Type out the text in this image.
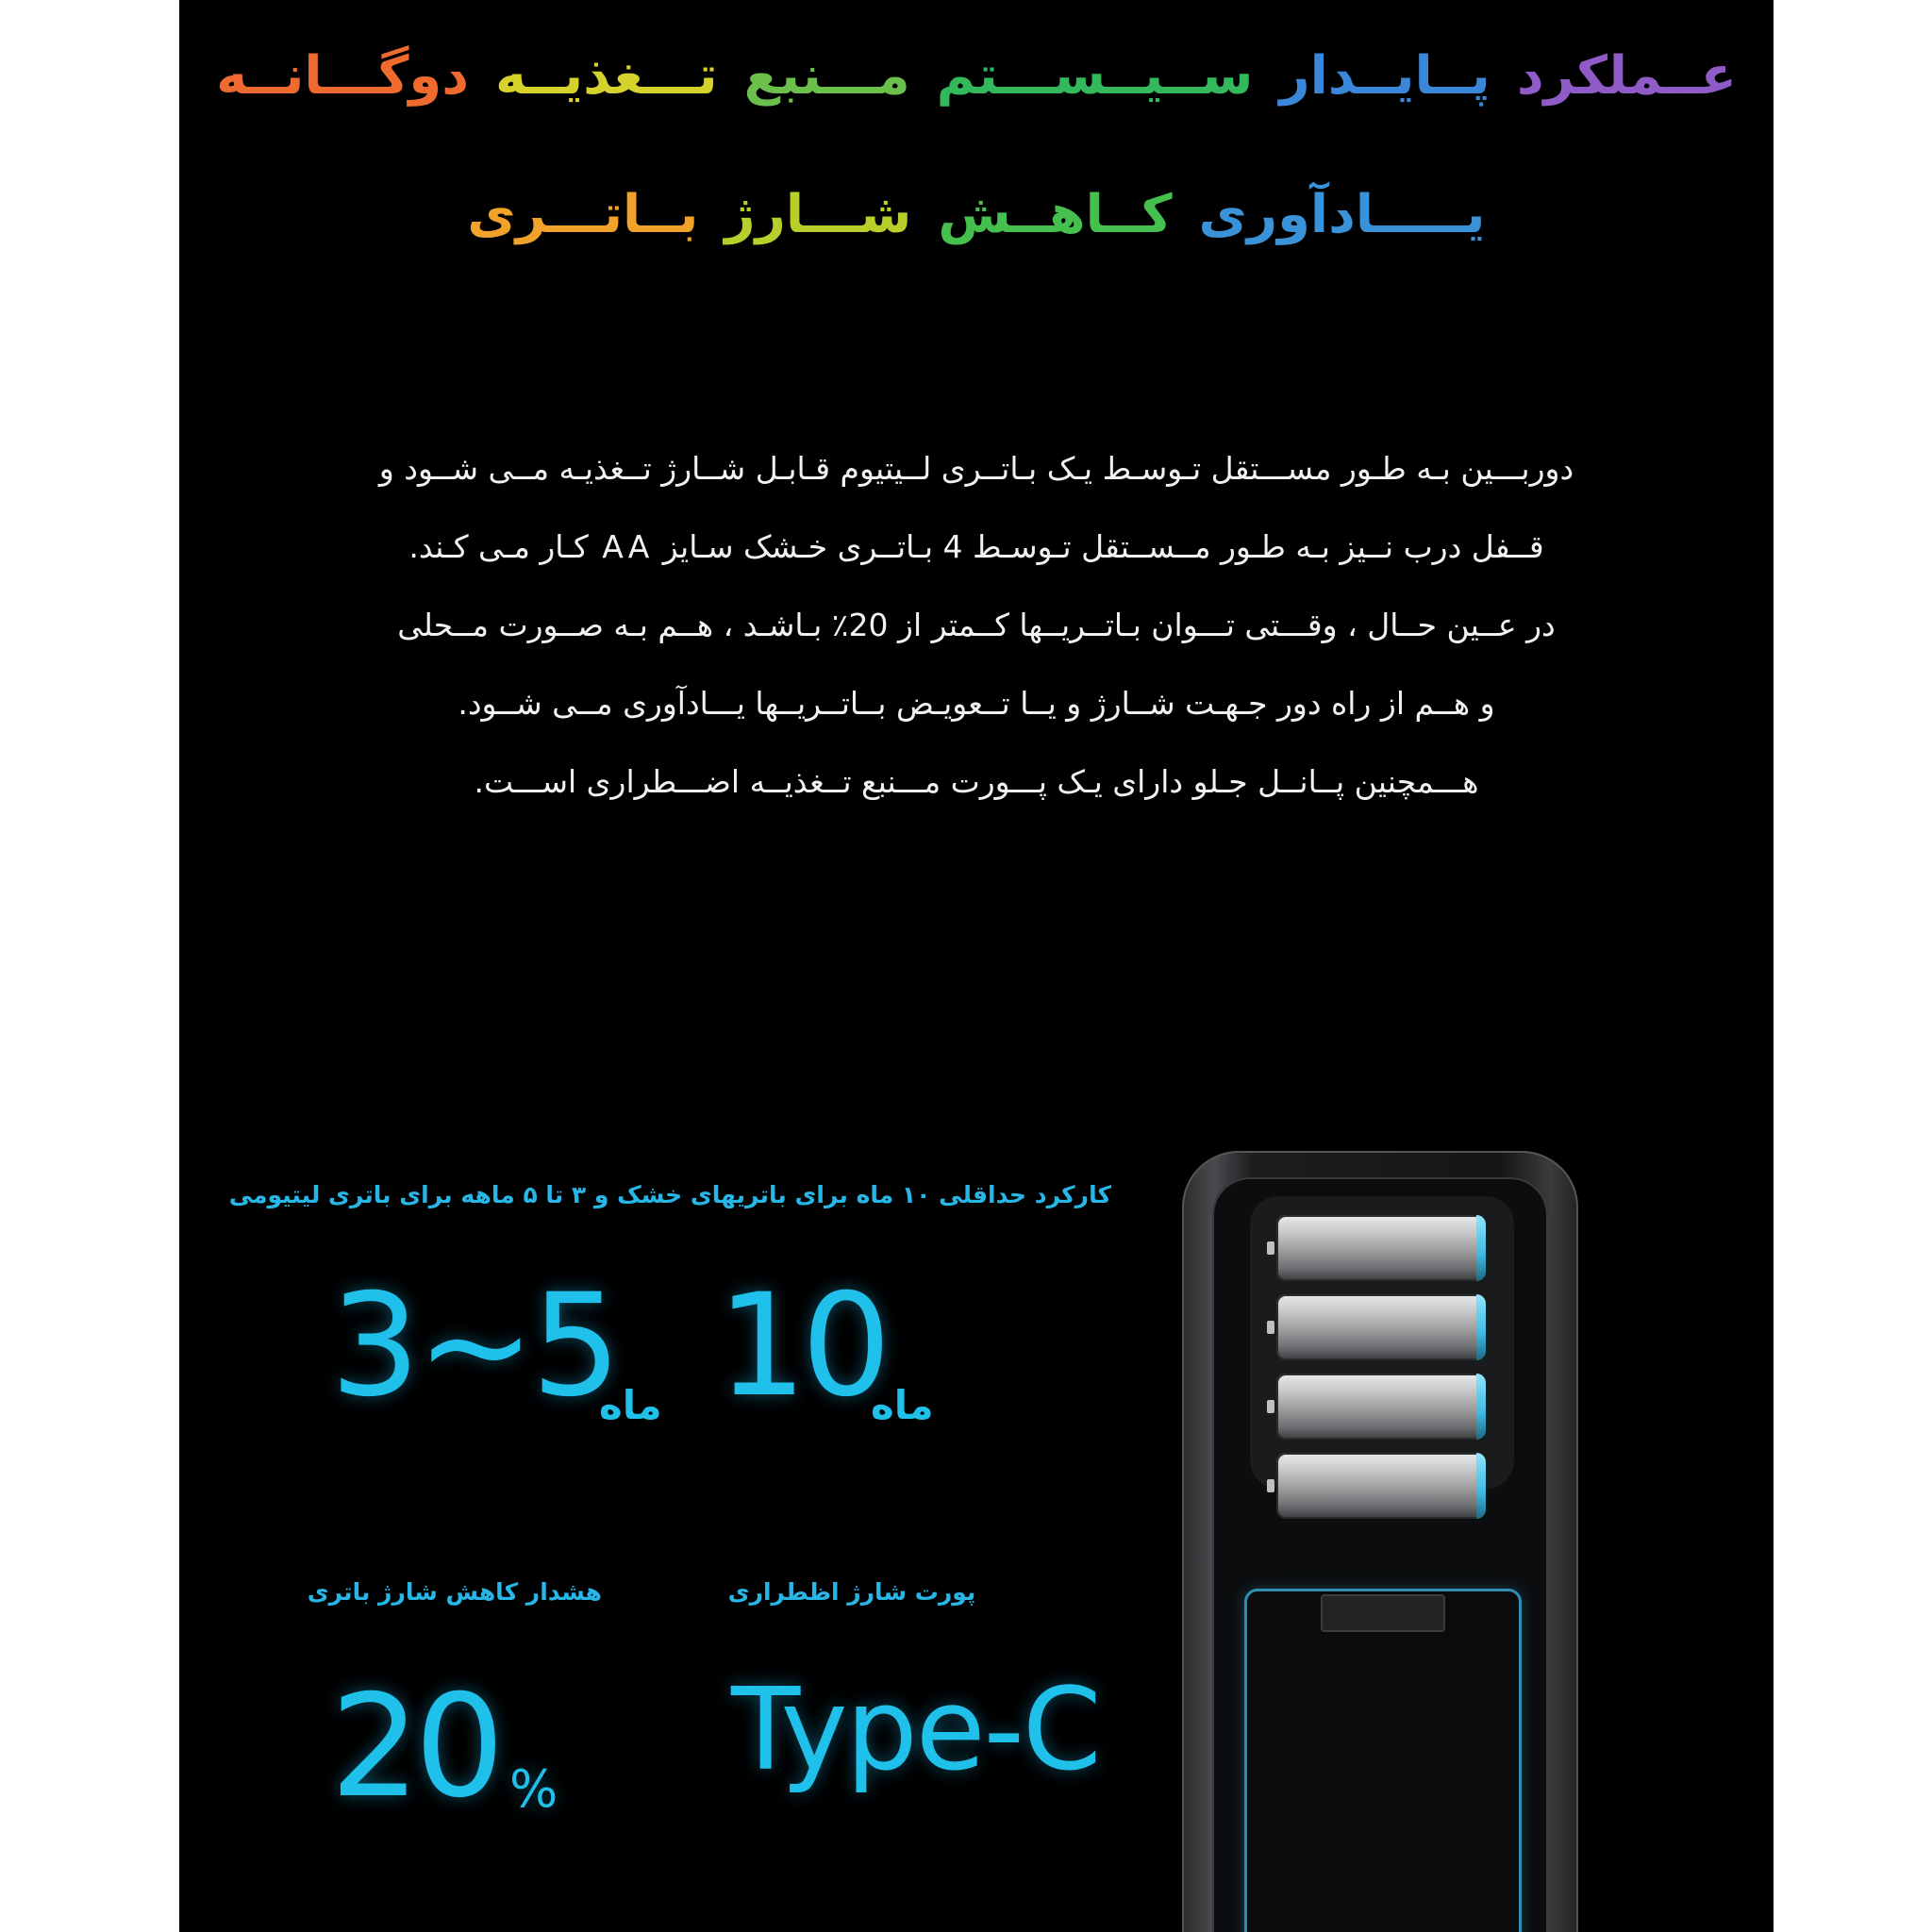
عــملکردپــایــدارســیــســـتممـــنبعتـــغذیــهدوگـــانــه
یـــــادآوریکــاهــششـــارژبــاتـــری
دوربـــین بـه طـور مســـتقل تـوسـط یـک بـاتــری لــیتیوم قـابـل شــارژ تــغذیـه مــی شــود و
قــفل درب نــیز بـه طـور مــســتقل تـوسـط 4 بـاتــری خـشک سـایز AA کـار مـی کـند.
در عــین حــال ، وقـــتی تـــوان بـاتــریــها کــمتر از 20٪ بـاشـد ، هــم بـه صــورت مــحلی
و هــم از راه دور جـهـت شــارژ و یــا تــعویـض بــاتــریــها یـــادآوری مــی شــود.
هـــمچنین پــانــل جـلو دارای یـک پـــورت مـــنبع تــغذیــه اضـــطراری اســـت.
کارکرد حداقلی ۱۰ ماه برای باتریهای خشک و ۳ تا ۵ ماهه برای باتری لیتیومی
3~5
ماه 10
ماه
هشدار کاهش شارژ باتری	پورت شارژ اظطراری
20 % Type-C
